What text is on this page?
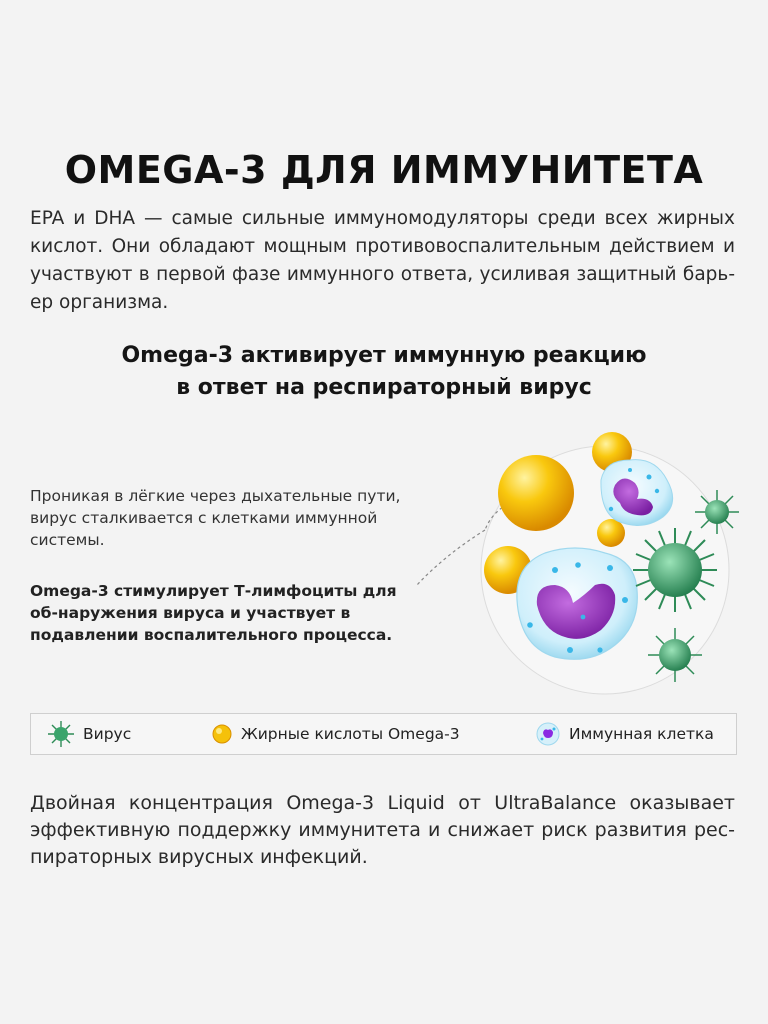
OMEGA-3 ДЛЯ ИММУНИТЕТА
EPA и DHA — самые сильные иммуномодуляторы среди всех жирных кислот. Они обладают мощным противовоспалительным действием и участвуют в первой фазе иммунного ответа, усиливая защитный барь-ер организма.
Omega-3 активирует иммунную реакцию
в ответ на респираторный вирус
Проникая в лёгкие через дыхательные пути, вирус сталкивается с клетками иммунной системы.
Omega-3 стимулирует Т-лимфоциты для об-наружения вируса и участвует в подавлении воспалительного процесса.
Вирус	Жирные кислоты Omega-3	Иммунная клетка
Двойная концентрация Omega-3 Liquid от UltraBalance оказывает эффективную поддержку иммунитета и снижает риск развития рес-пираторных вирусных инфекций.
